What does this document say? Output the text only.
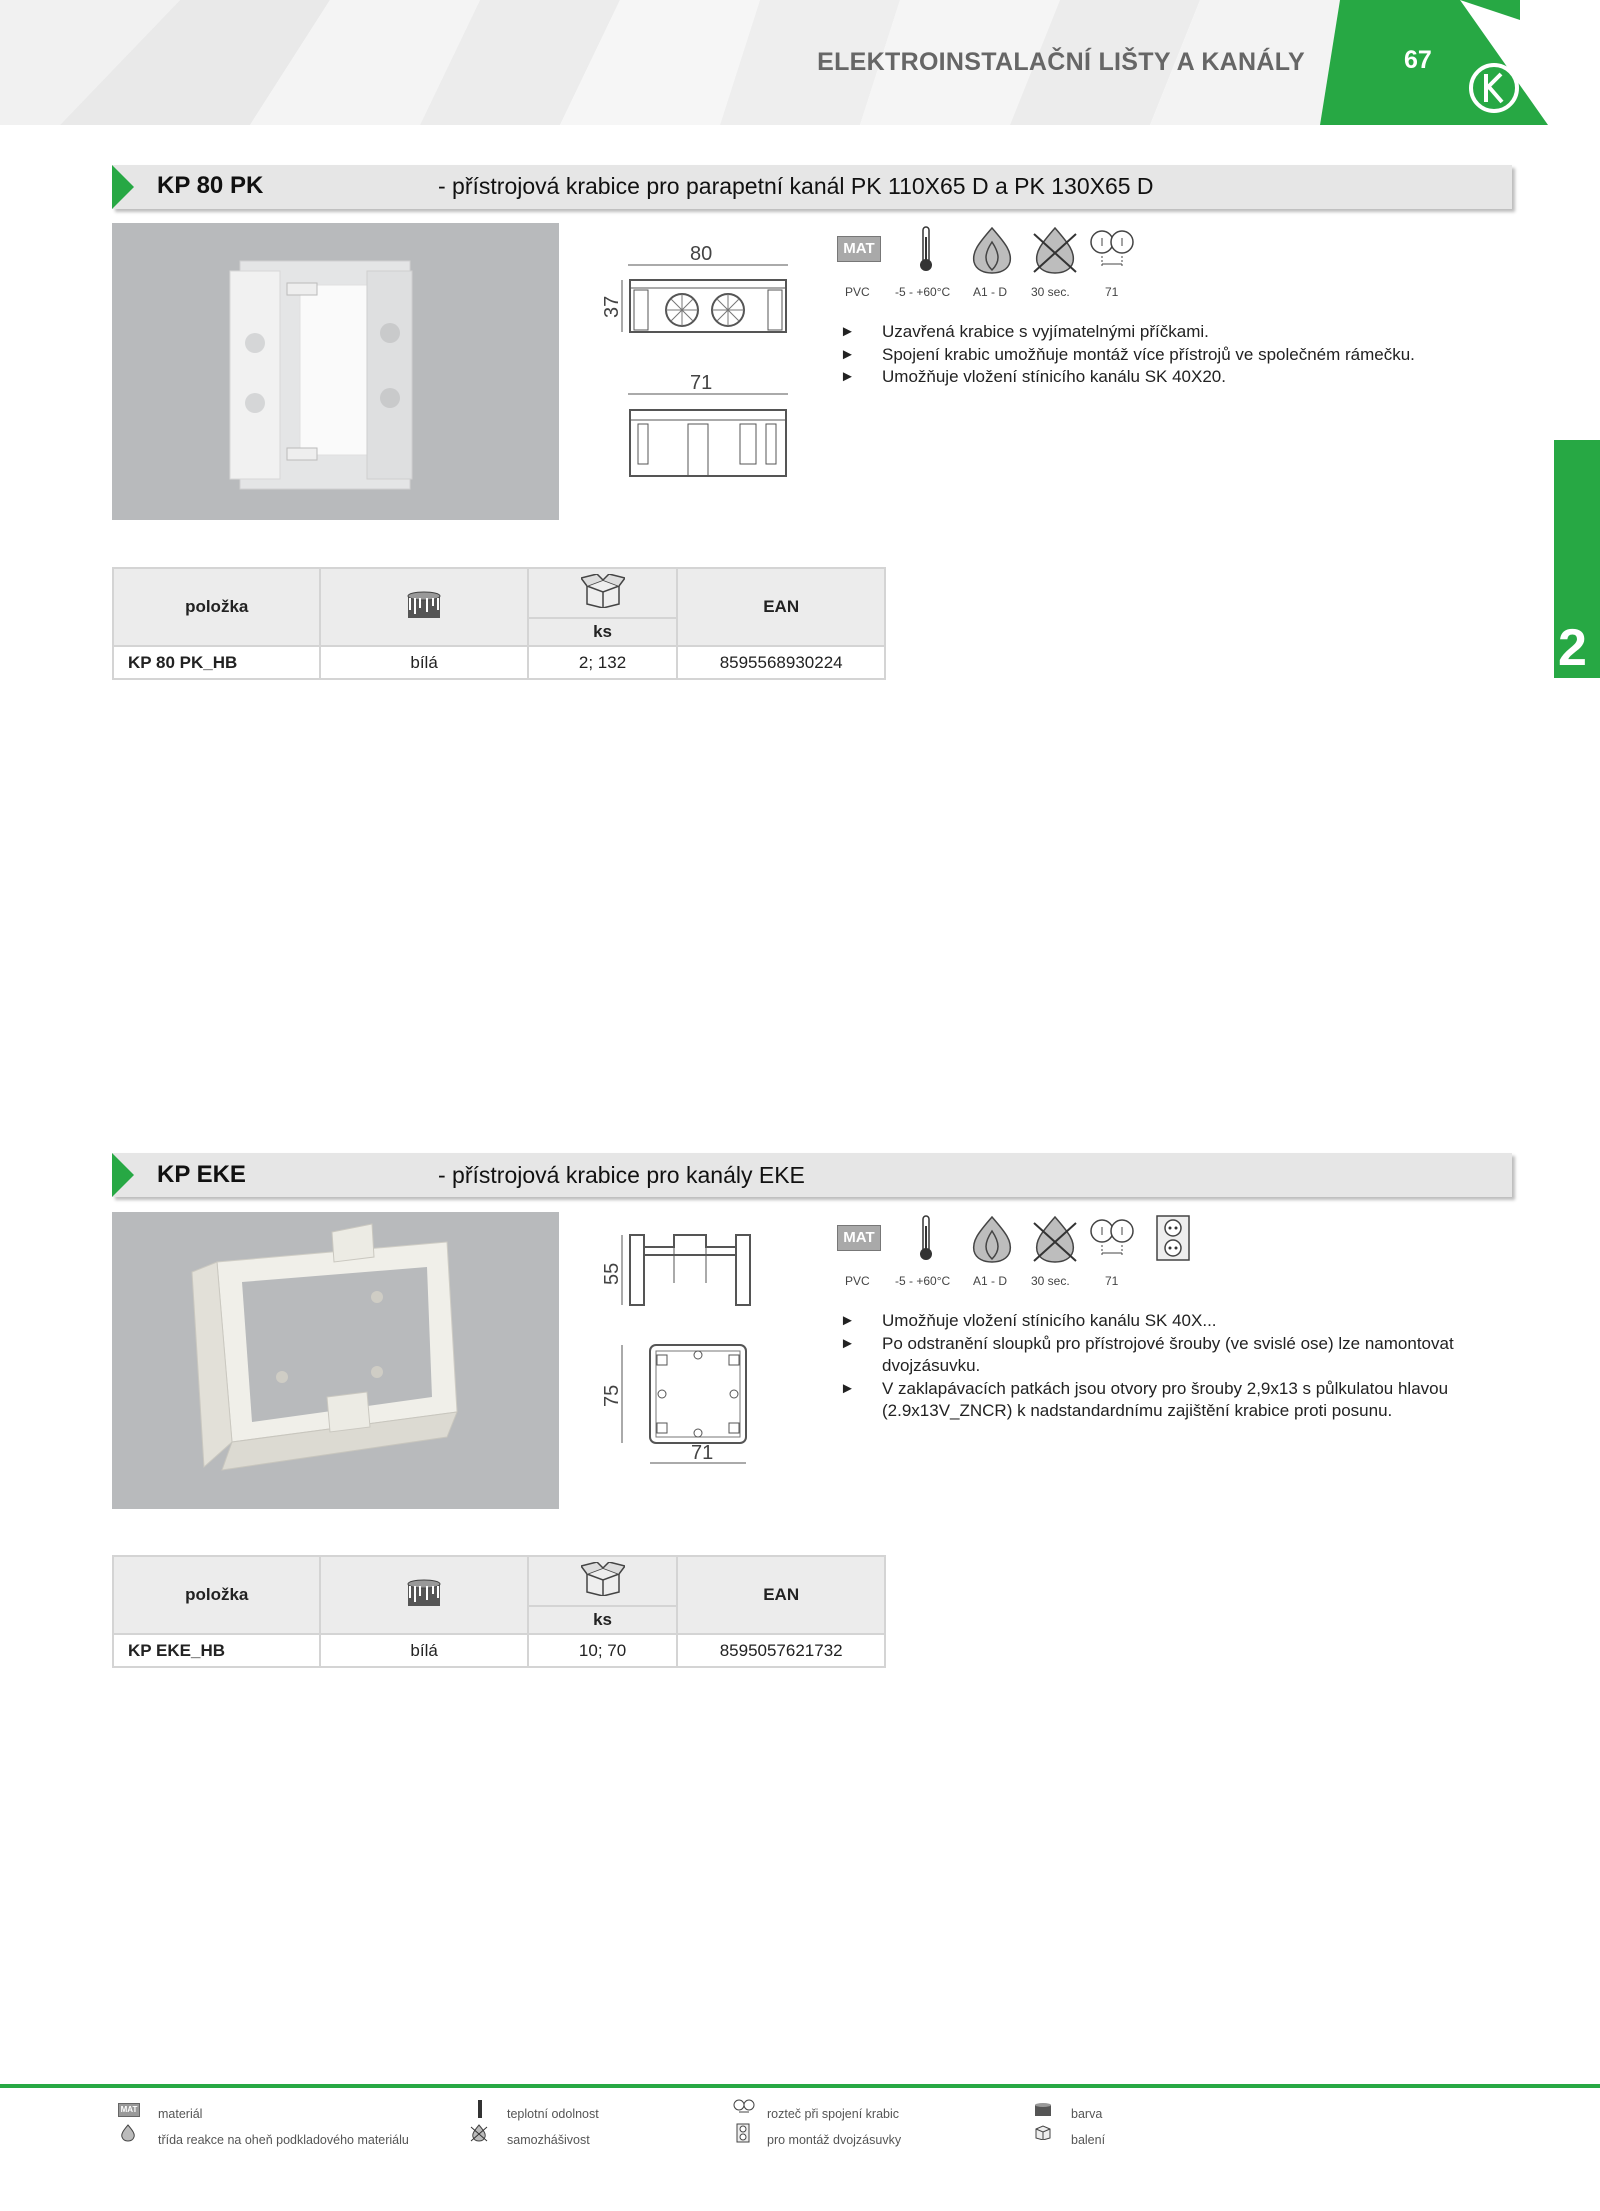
ELEKTROINSTALAČNÍ LIŠTY A KANÁLY	67
2
KP 80 PK	- přístrojová krabice pro parapetní kanál PK 110X65 D a PK 130X65 D
80
37
71
MAT
PVC -5 - +60°C A1 - D 30 sec.	71
► Uzavřená krabice s vyjímatelnými příčkami.
► Spojení krabic umožňuje montáž více přístrojů ve společném rámečku.
► Umožňuje vložení stínicího kanálu SK 40X20.
položka			EAN
		ks	
KP 80 PK_HB	bílá	2; 132	8595568930224
KP EKE	- přístrojová krabice pro kanály EKE
55
75
71
MAT
PVC -5 - +60°C A1 - D 30 sec.	71
► Umožňuje vložení stínicího kanálu SK 40X...
► Po odstranění sloupků pro přístrojové šrouby (ve svislé ose) lze namontovat dvojzásuvku.
► V zaklapávacích patkách jsou otvory pro šrouby 2,9x13 s půlkulatou hlavou (2.9x13V_ZNCR) k nadstandardnímu zajištění krabice proti posunu.
položka			EAN
		ks	
KP EKE_HB	bílá	10; 70	8595057621732
MAT materiál
třída reakce na oheň podkladového materiálu
teplotní odolnost
samozhášivost
rozteč při spojení krabic
pro montáž dvojzásuvky
barva
balení
